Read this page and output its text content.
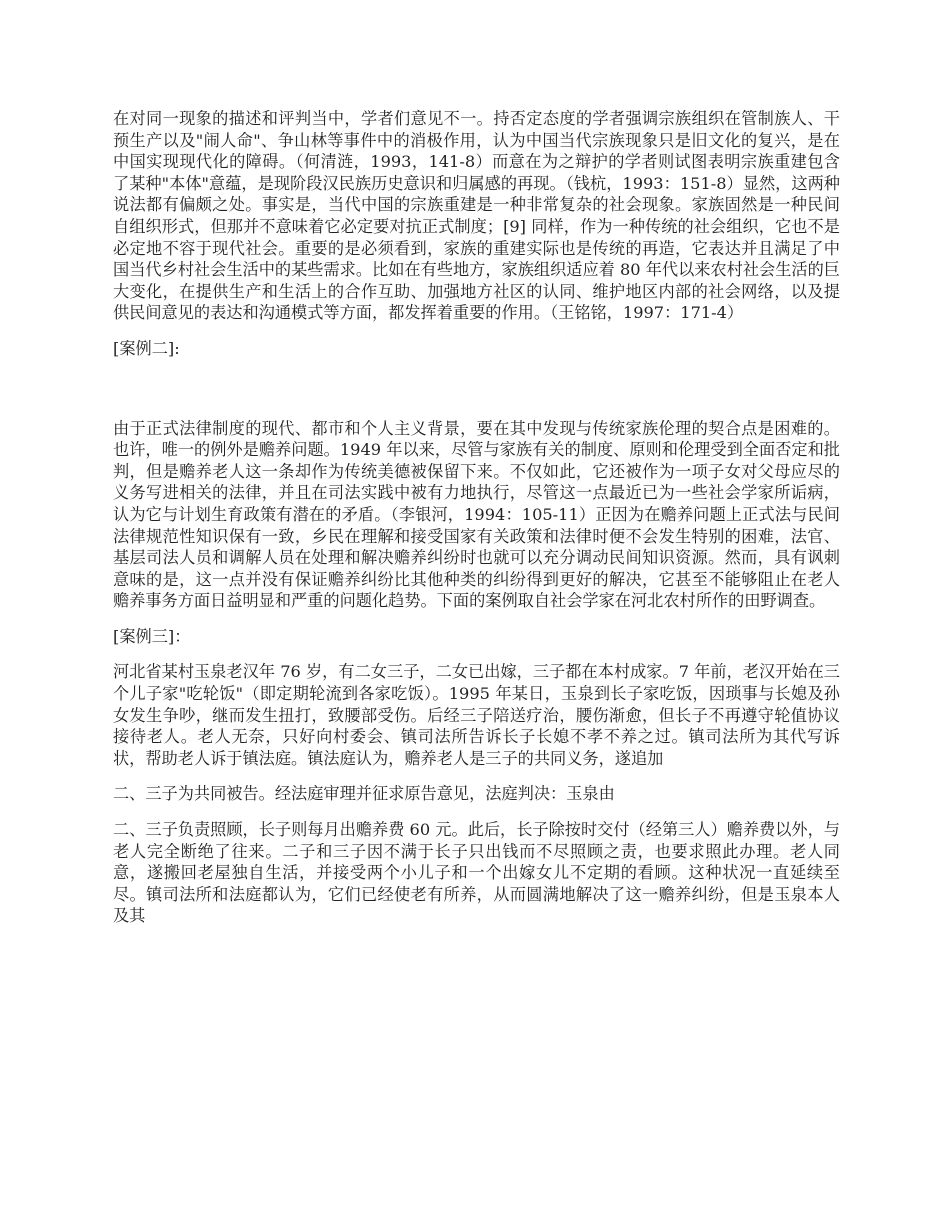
在对同一现象的描述和评判当中，学者们意见不一。持否定态度的学者强调宗族组织在管制族人、干预生产以及"闹人命"、争山林等事件中的消极作用，认为中国当代宗族现象只是旧文化的复兴，是在中国实现现代化的障碍。（何清涟，1993，141-8）而意在为之辩护的学者则试图表明宗族重建包含了某种"本体"意蕴，是现阶段汉民族历史意识和归属感的再现。（钱杭，1993：151-8）显然，这两种说法都有偏颇之处。事实是，当代中国的宗族重建是一种非常复杂的社会现象。家族固然是一种民间自组织形式，但那并不意味着它必定要对抗正式制度；[9] 同样，作为一种传统的社会组织，它也不是必定地不容于现代社会。重要的是必须看到，家族的重建实际也是传统的再造，它表达并且满足了中国当代乡村社会生活中的某些需求。比如在有些地方，家族组织适应着 80 年代以来农村社会生活的巨大变化，在提供生产和生活上的合作互助、加强地方社区的认同、维护地区内部的社会网络，以及提供民间意见的表达和沟通模式等方面，都发挥着重要的作用。（王铭铭，1997：171-4）

[案例二]:

由于正式法律制度的现代、都市和个人主义背景，要在其中发现与传统家族伦理的契合点是困难的。也许，唯一的例外是赡养问题。1949 年以来，尽管与家族有关的制度、原则和伦理受到全面否定和批判，但是赡养老人这一条却作为传统美德被保留下来。不仅如此，它还被作为一项子女对父母应尽的义务写进相关的法律，并且在司法实践中被有力地执行，尽管这一点最近已为一些社会学家所诟病，认为它与计划生育政策有潜在的矛盾。（李银河，1994：105-11）正因为在赡养问题上正式法与民间法律规范性知识保有一致，乡民在理解和接受国家有关政策和法律时便不会发生特别的困难，法官、基层司法人员和调解人员在处理和解决赡养纠纷时也就可以充分调动民间知识资源。然而，具有讽刺意味的是，这一点并没有保证赡养纠纷比其他种类的纠纷得到更好的解决，它甚至不能够阻止在老人赡养事务方面日益明显和严重的问题化趋势。下面的案例取自社会学家在河北农村所作的田野调查。

[案例三]：

河北省某村玉泉老汉年 76 岁，有二女三子，二女已出嫁，三子都在本村成家。7 年前，老汉开始在三个儿子家"吃轮饭"（即定期轮流到各家吃饭）。1995 年某日，玉泉到长子家吃饭，因琐事与长媳及孙女发生争吵，继而发生扭打，致腰部受伤。后经三子陪送疗治，腰伤渐愈，但长子不再遵守轮值协议接待老人。老人无奈，只好向村委会、镇司法所告诉长子长媳不孝不养之过。镇司法所为其代写诉状，帮助老人诉于镇法庭。镇法庭认为，赡养老人是三子的共同义务，遂追加

二、三子为共同被告。经法庭审理并征求原告意见，法庭判决：玉泉由

二、三子负责照顾，长子则每月出赡养费 60 元。此后，长子除按时交付（经第三人）赡养费以外，与老人完全断绝了往来。二子和三子因不满于长子只出钱而不尽照顾之责，也要求照此办理。老人同意，遂搬回老屋独自生活，并接受两个小儿子和一个出嫁女儿不定期的看顾。这种状况一直延续至尽。镇司法所和法庭都认为，它们已经使老有所养，从而圆满地解决了这一赡养纠纷，但是玉泉本人及其
